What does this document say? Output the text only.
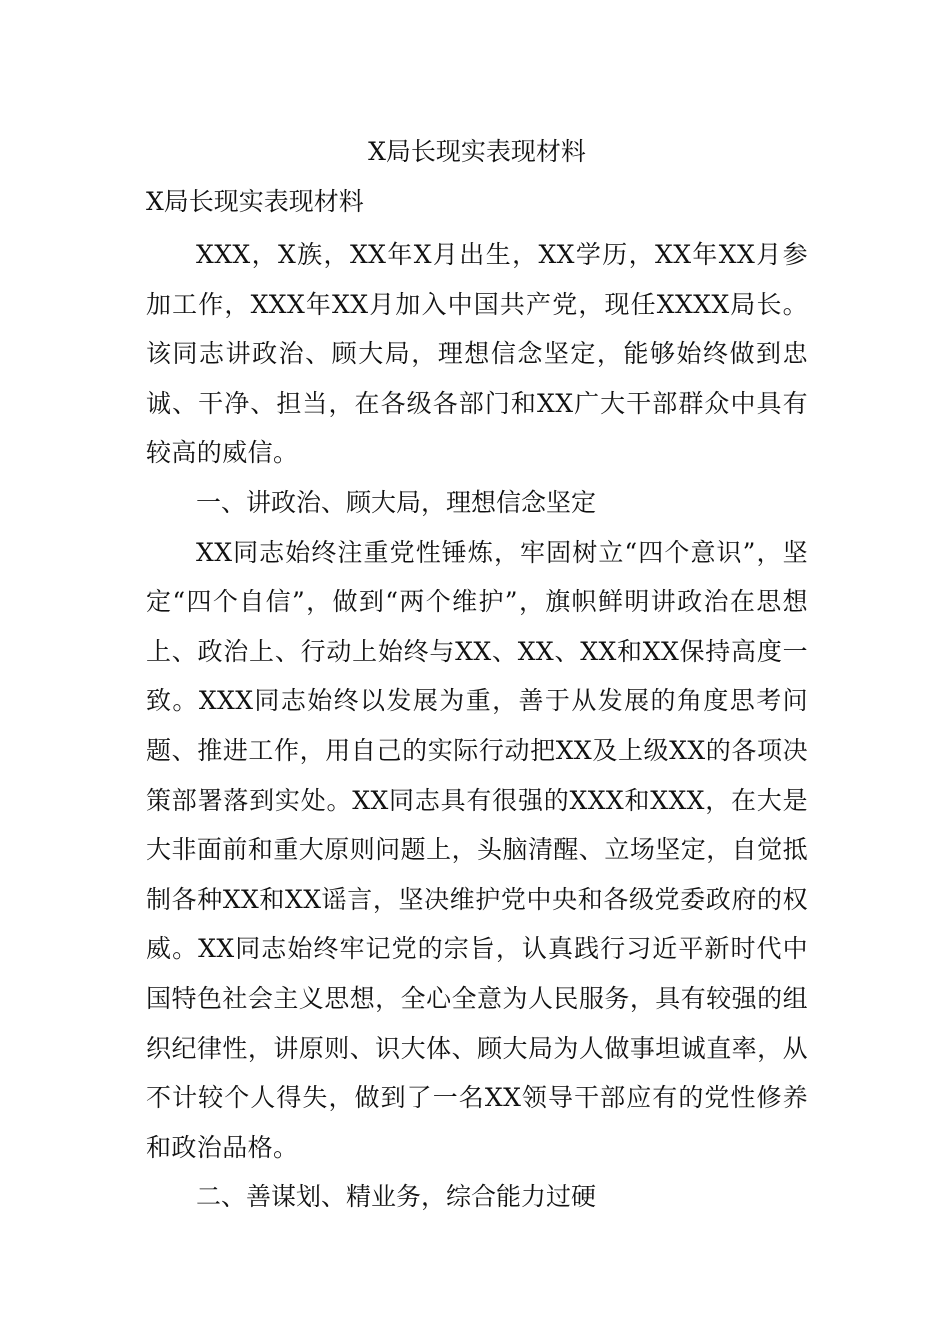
X局长现实表现材料
X局长现实表现材料

XXX，X族，XX年X月出生，XX学历，XX年XX月参加工作，XXX年XX月加入中国共产党，现任XXXX局长。该同志讲政治、顾大局，理想信念坚定，能够始终做到忠诚、干净、担当，在各级各部门和XX广大干部群众中具有较高的威信。

一、讲政治、顾大局，理想信念坚定

XX同志始终注重党性锤炼，牢固树立“四个意识”，坚定“四个自信”，做到“两个维护”，旗帜鲜明讲政治在思想上、政治上、行动上始终与XX、XX、XX和XX保持高度一致。XXX同志始终以发展为重，善于从发展的角度思考问题、推进工作，用自己的实际行动把XX及上级XX的各项决策部署落到实处。XX同志具有很强的XXX和XXX，在大是大非面前和重大原则问题上，头脑清醒、立场坚定，自觉抵制各种XX和XX谣言，坚决维护党中央和各级党委政府的权威。XX同志始终牢记党的宗旨，认真践行习近平新时代中国特色社会主义思想，全心全意为人民服务，具有较强的组织纪律性，讲原则、识大体、顾大局为人做事坦诚直率，从不计较个人得失，做到了一名XX领导干部应有的党性修养和政治品格。

二、善谋划、精业务，综合能力过硬
